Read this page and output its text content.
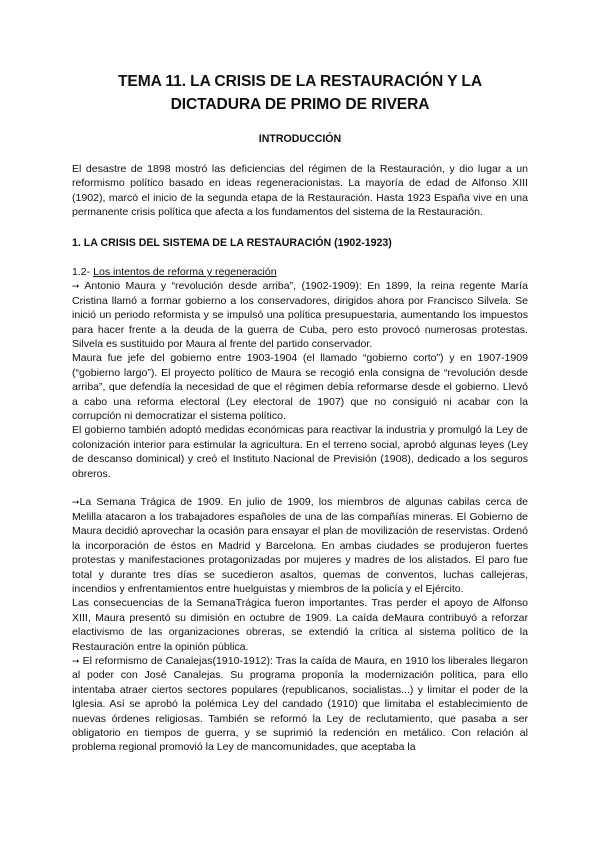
TEMA 11. LA CRISIS DE LA RESTAURACIÓN Y LA DICTADURA DE PRIMO DE RIVERA
INTRODUCCIÓN

El desastre de 1898 mostró las deficiencias del régimen de la Restauración, y dio lugar a un reformismo político basado en ideas regeneracionistas. La mayoría de edad de Alfonso XIII (1902), marcó el inicio de la segunda etapa de la Restauración. Hasta 1923 España vive en una permanente crisis política que afecta a los fundamentos del sistema de la Restauración.

1. LA CRISIS DEL SISTEMA DE LA RESTAURACIÓN (1902-1923)

1.2- Los intentos de reforma y regeneración

➙ Antonio Maura y “revolución desde arriba”, (1902-1909): En 1899, la reina regente María Cristina llamó a formar gobierno a los conservadores, dirigidos ahora por Francisco Silvela. Se inició un periodo reformista y se impulsó una política presupuestaria, aumentando los impuestos para hacer frente a la deuda de la guerra de Cuba, pero esto provocó numerosas protestas. Silvela es sustituido por Maura al frente del partido conservador.

Maura fue jefe del gobierno entre 1903-1904 (el llamado “gobierno corto”) y en 1907-1909 (“gobierno largo”). El proyecto político de Maura se recogió enla consigna de “revolución desde arriba”, que defendía la necesidad de que el régimen debía reformarse desde el gobierno. Llevó a cabo una reforma electoral (Ley electoral de 1907) que no consiguió ni acabar con la corrupción ni democratizar el sistema político.

El gobierno también adoptó medidas económicas para reactivar la industria y promulgó la Ley de colonización interior para estimular la agricultura. En el terreno social, aprobó algunas leyes (Ley de descanso dominical) y creó el Instituto Nacional de Previsión (1908), dedicado a los seguros obreros.

➙La Semana Trágica de 1909. En julio de 1909, los miembros de algunas cabilas cerca de Melilla atacaron a los trabajadores españoles de una de las compañías mineras. El Gobierno de Maura decidió aprovechar la ocasión para ensayar el plan de movilización de reservistas. Ordenó la incorporación de éstos en Madrid y Barcelona. En ambas ciudades se produjeron fuertes protestas y manifestaciones protagonizadas por mujeres y madres de los alistados. El paro fue total y durante tres días se sucedieron asaltos, quemas de conventos, luchas callejeras, incendios y enfrentamientos entre huelguistas y miembros de la policía y el Ejército.

Las consecuencias de la SemanaTrágica fueron importantes. Tras perder el apoyo de Alfonso XIII, Maura presentó su dimisión en octubre de 1909. La caída deMaura contribuyó a reforzar elactivismo de las organizaciones obreras, se extendió la crítica al sistema político de la Restauración entre la opinión pública.

➙ El reformismo de Canalejas(1910-1912): Tras la caída de Maura, en 1910 los liberales llegaron al poder con José Canalejas. Su programa proponía la modernización política, para ello intentaba atraer ciertos sectores populares (republicanos, socialistas...) y limitar el poder de la Iglesia. Así se aprobó la polémica Ley del candado (1910) que limitaba el establecimiento de nuevas órdenes religiosas. También se reformó la Ley de reclutamiento, que pasaba a ser obligatorio en tiempos de guerra, y se suprimió la redención en metálico. Con relación al problema regional promovió la Ley de mancomunidades, que aceptaba la
